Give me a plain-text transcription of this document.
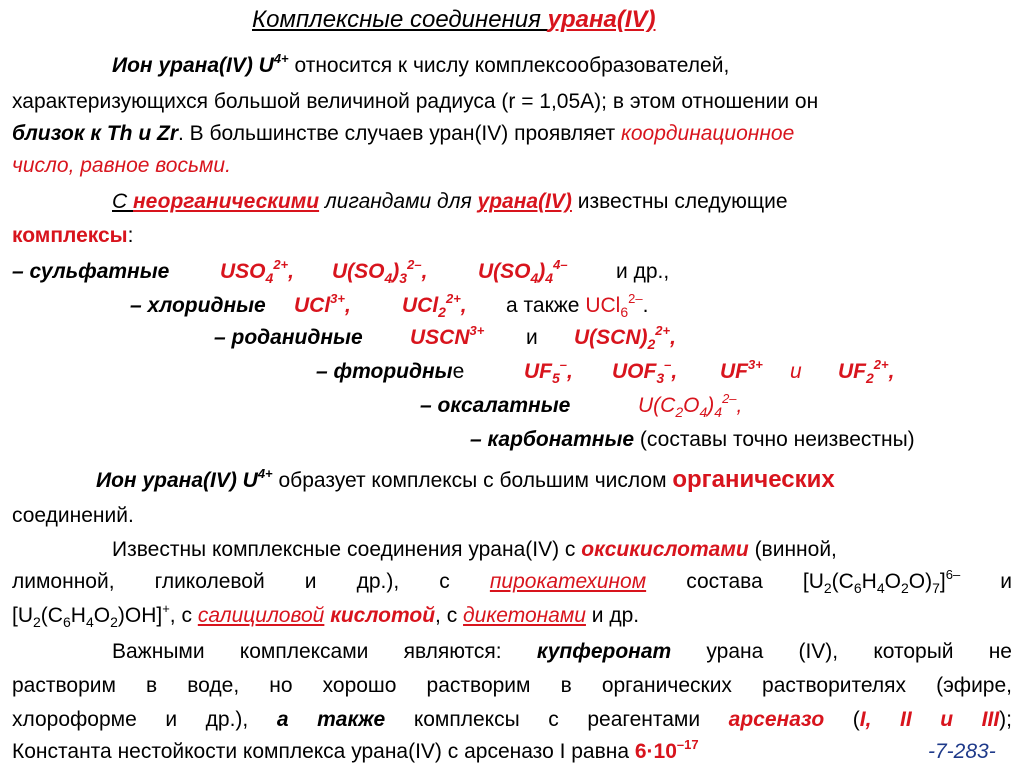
Комплексные соединения урана(IV)
Ион урана(IV) $U^{4+}$ относится к числу комплексообразователей,
характеризующихся большой величиной радиуса (r = 1,05A); в этом отношении он
близок к Th и Zr. В большинстве случаев уран(IV) проявляет координационное
число, равное восьми.
С неорганическими лигандами для урана(IV) известны следующие
комплексы:
– сульфатные $USO_4^{2+}$, $U(SO_4)_3^{2-}$, $U(SO_4)_4^{4-}$ и др.,
– хлоридные UCl$^{3+}$, UCl$_2^{2+}$, а также UCl$_6^{2-}$.
– роданидные $USCN^{3+}$ и $U(SCN)_2^{2+}$,
– фторидные	$UF_5^-$, $UOF_3^-$, $UF^{3+}$ и $UF_2^{2+}$,
– оксалатные	$U(C_2O_4)_4^{2-}$,
– карбонатные (составы точно неизвестны)
Ион урана(IV) $U^{4+}$ образует комплексы с большим числом органических
соединений.
Известны комплексные соединения урана(IV) с оксикислотами (винной,
лимонной, гликолевой и др.), с пирокатехином состава $[U_2(C_6H_4O_2O)_7]^{6-}$ и
$[U_2(C_6H_4O_2)OH]^+$, с салициловой кислотой, с дикетонами и др.
Важными комплексами являются: купферонат урана (IV), который не
растворим в воде, но хорошо растворим в органических растворителях (эфире,
хлороформе и др.), а также комплексы с реагентами арсеназо (I, II и III);
Константа нестойкости комплекса урана(IV) с арсеназо I равна $6\cdot 10^{-17}$	-7-283-
